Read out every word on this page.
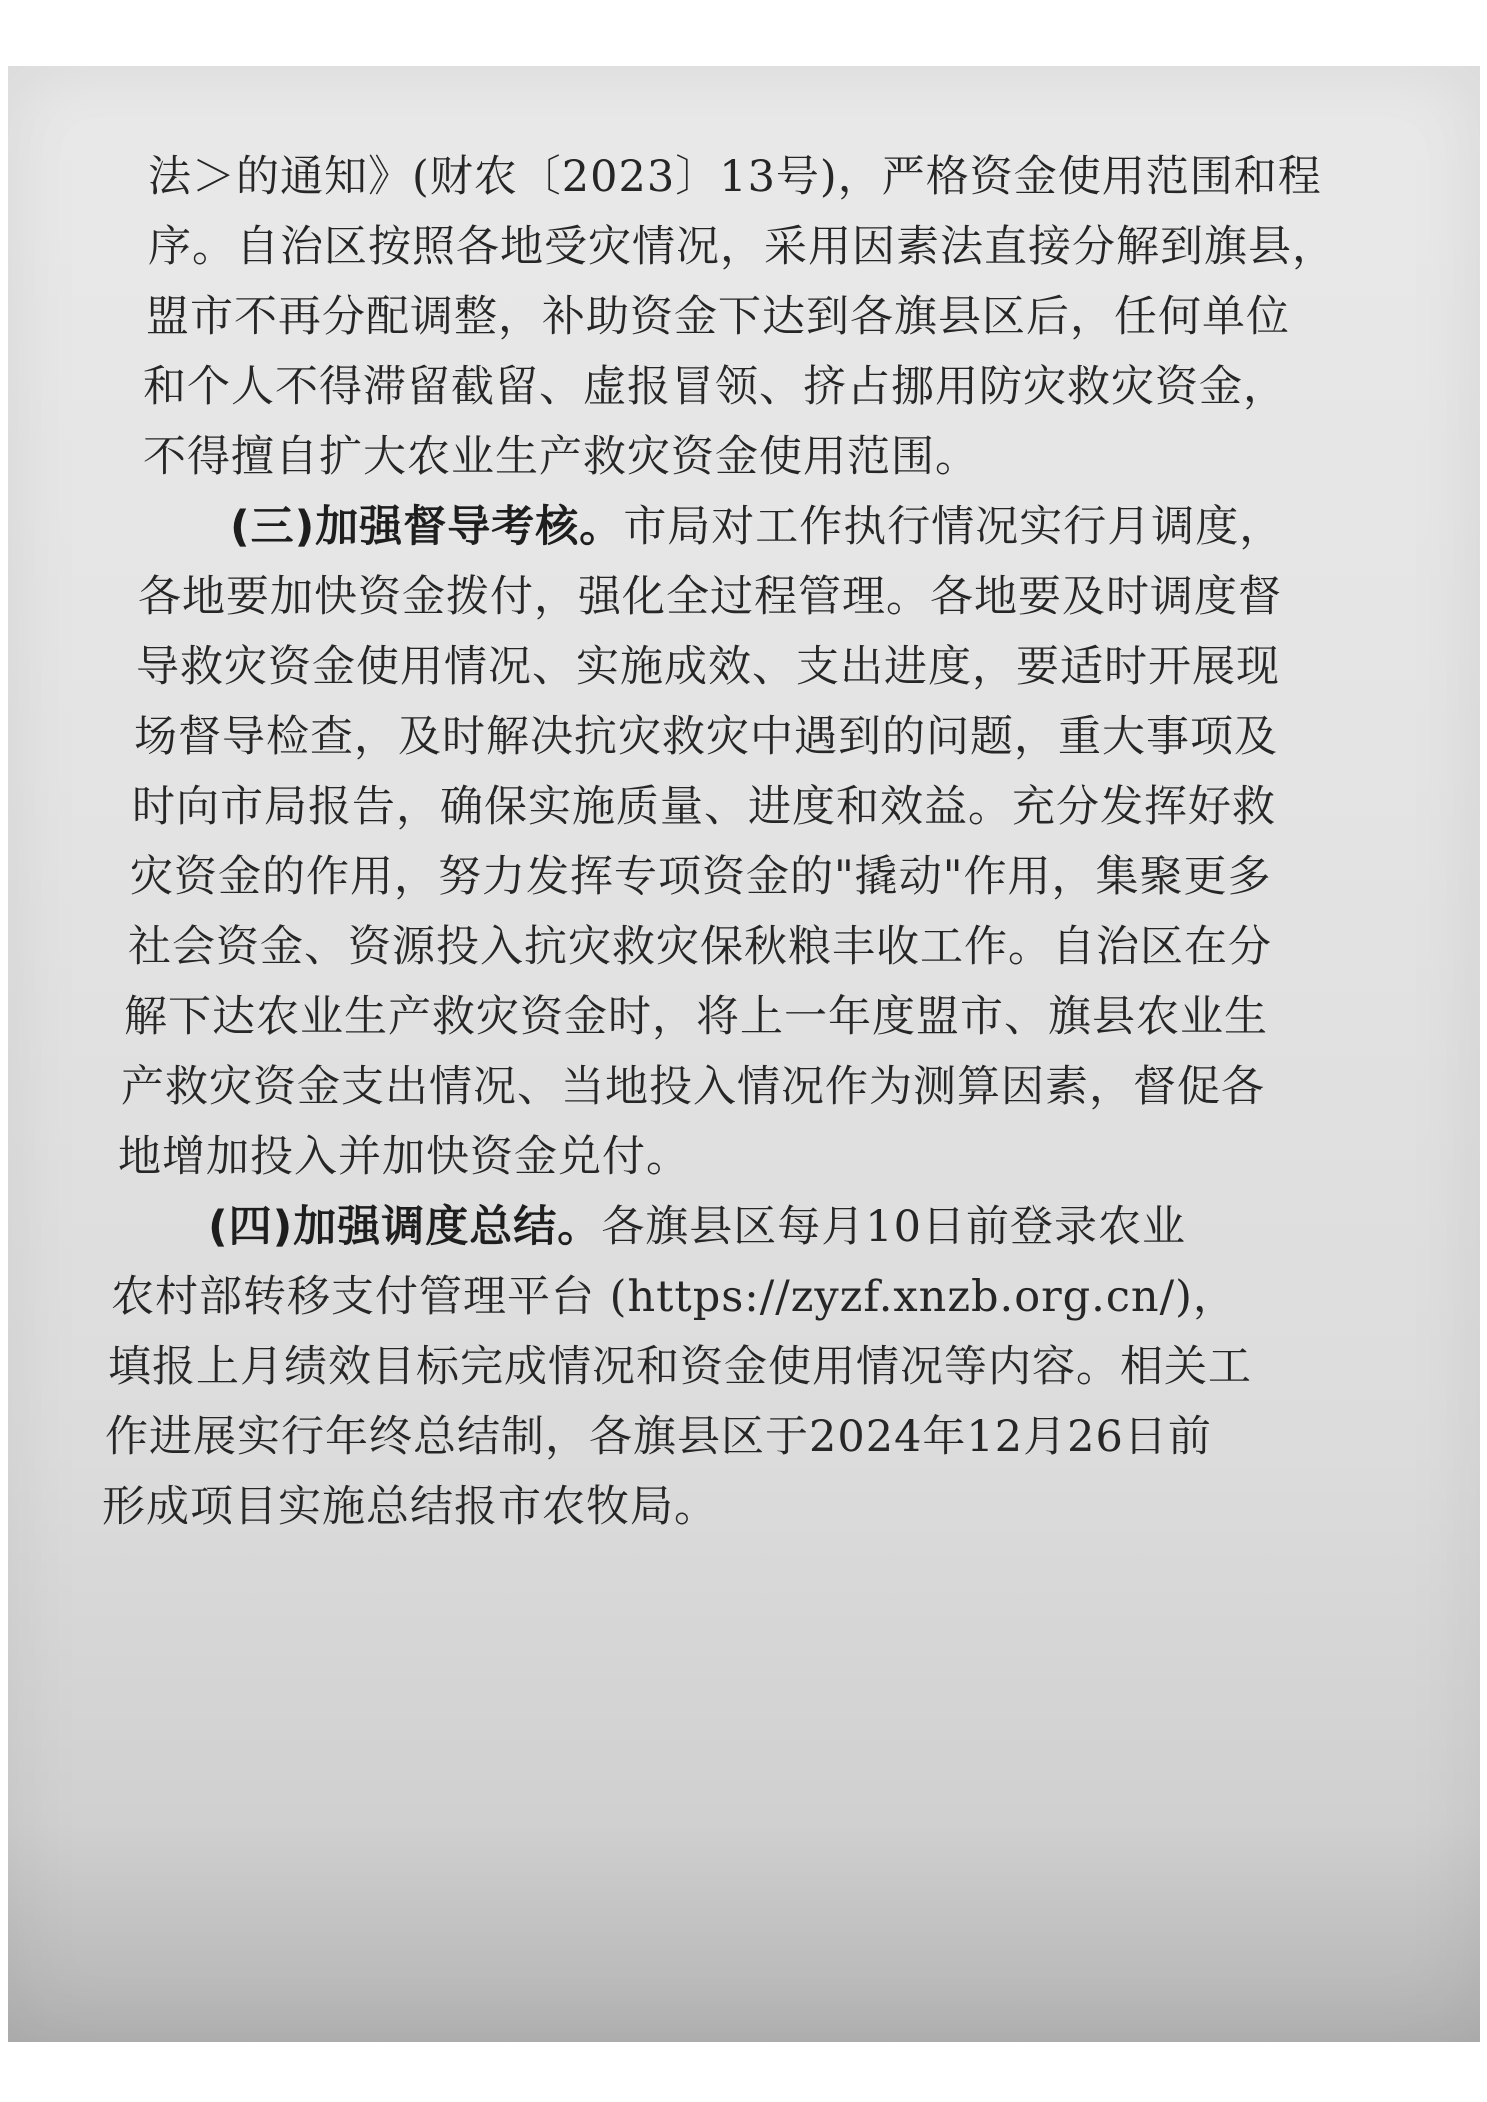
法＞的通知》(财农〔2023〕13号)，严格资金使用范围和程

序。自治区按照各地受灾情况，采用因素法直接分解到旗县，

盟市不再分配调整，补助资金下达到各旗县区后，任何单位

和个人不得滞留截留、虚报冒领、挤占挪用防灾救灾资金，

不得擅自扩大农业生产救灾资金使用范围。

(三)加强督导考核。市局对工作执行情况实行月调度，

各地要加快资金拨付，强化全过程管理。各地要及时调度督

导救灾资金使用情况、实施成效、支出进度，要适时开展现

场督导检查，及时解决抗灾救灾中遇到的问题，重大事项及

时向市局报告，确保实施质量、进度和效益。充分发挥好救

灾资金的作用，努力发挥专项资金的"撬动"作用，集聚更多

社会资金、资源投入抗灾救灾保秋粮丰收工作。自治区在分

解下达农业生产救灾资金时，将上一年度盟市、旗县农业生

产救灾资金支出情况、当地投入情况作为测算因素，督促各

地增加投入并加快资金兑付。

(四)加强调度总结。各旗县区每月10日前登录农业

农村部转移支付管理平台 (https://zyzf.xnzb.org.cn/)，

填报上月绩效目标完成情况和资金使用情况等内容。相关工

作进展实行年终总结制，各旗县区于2024年12月26日前

形成项目实施总结报市农牧局。
